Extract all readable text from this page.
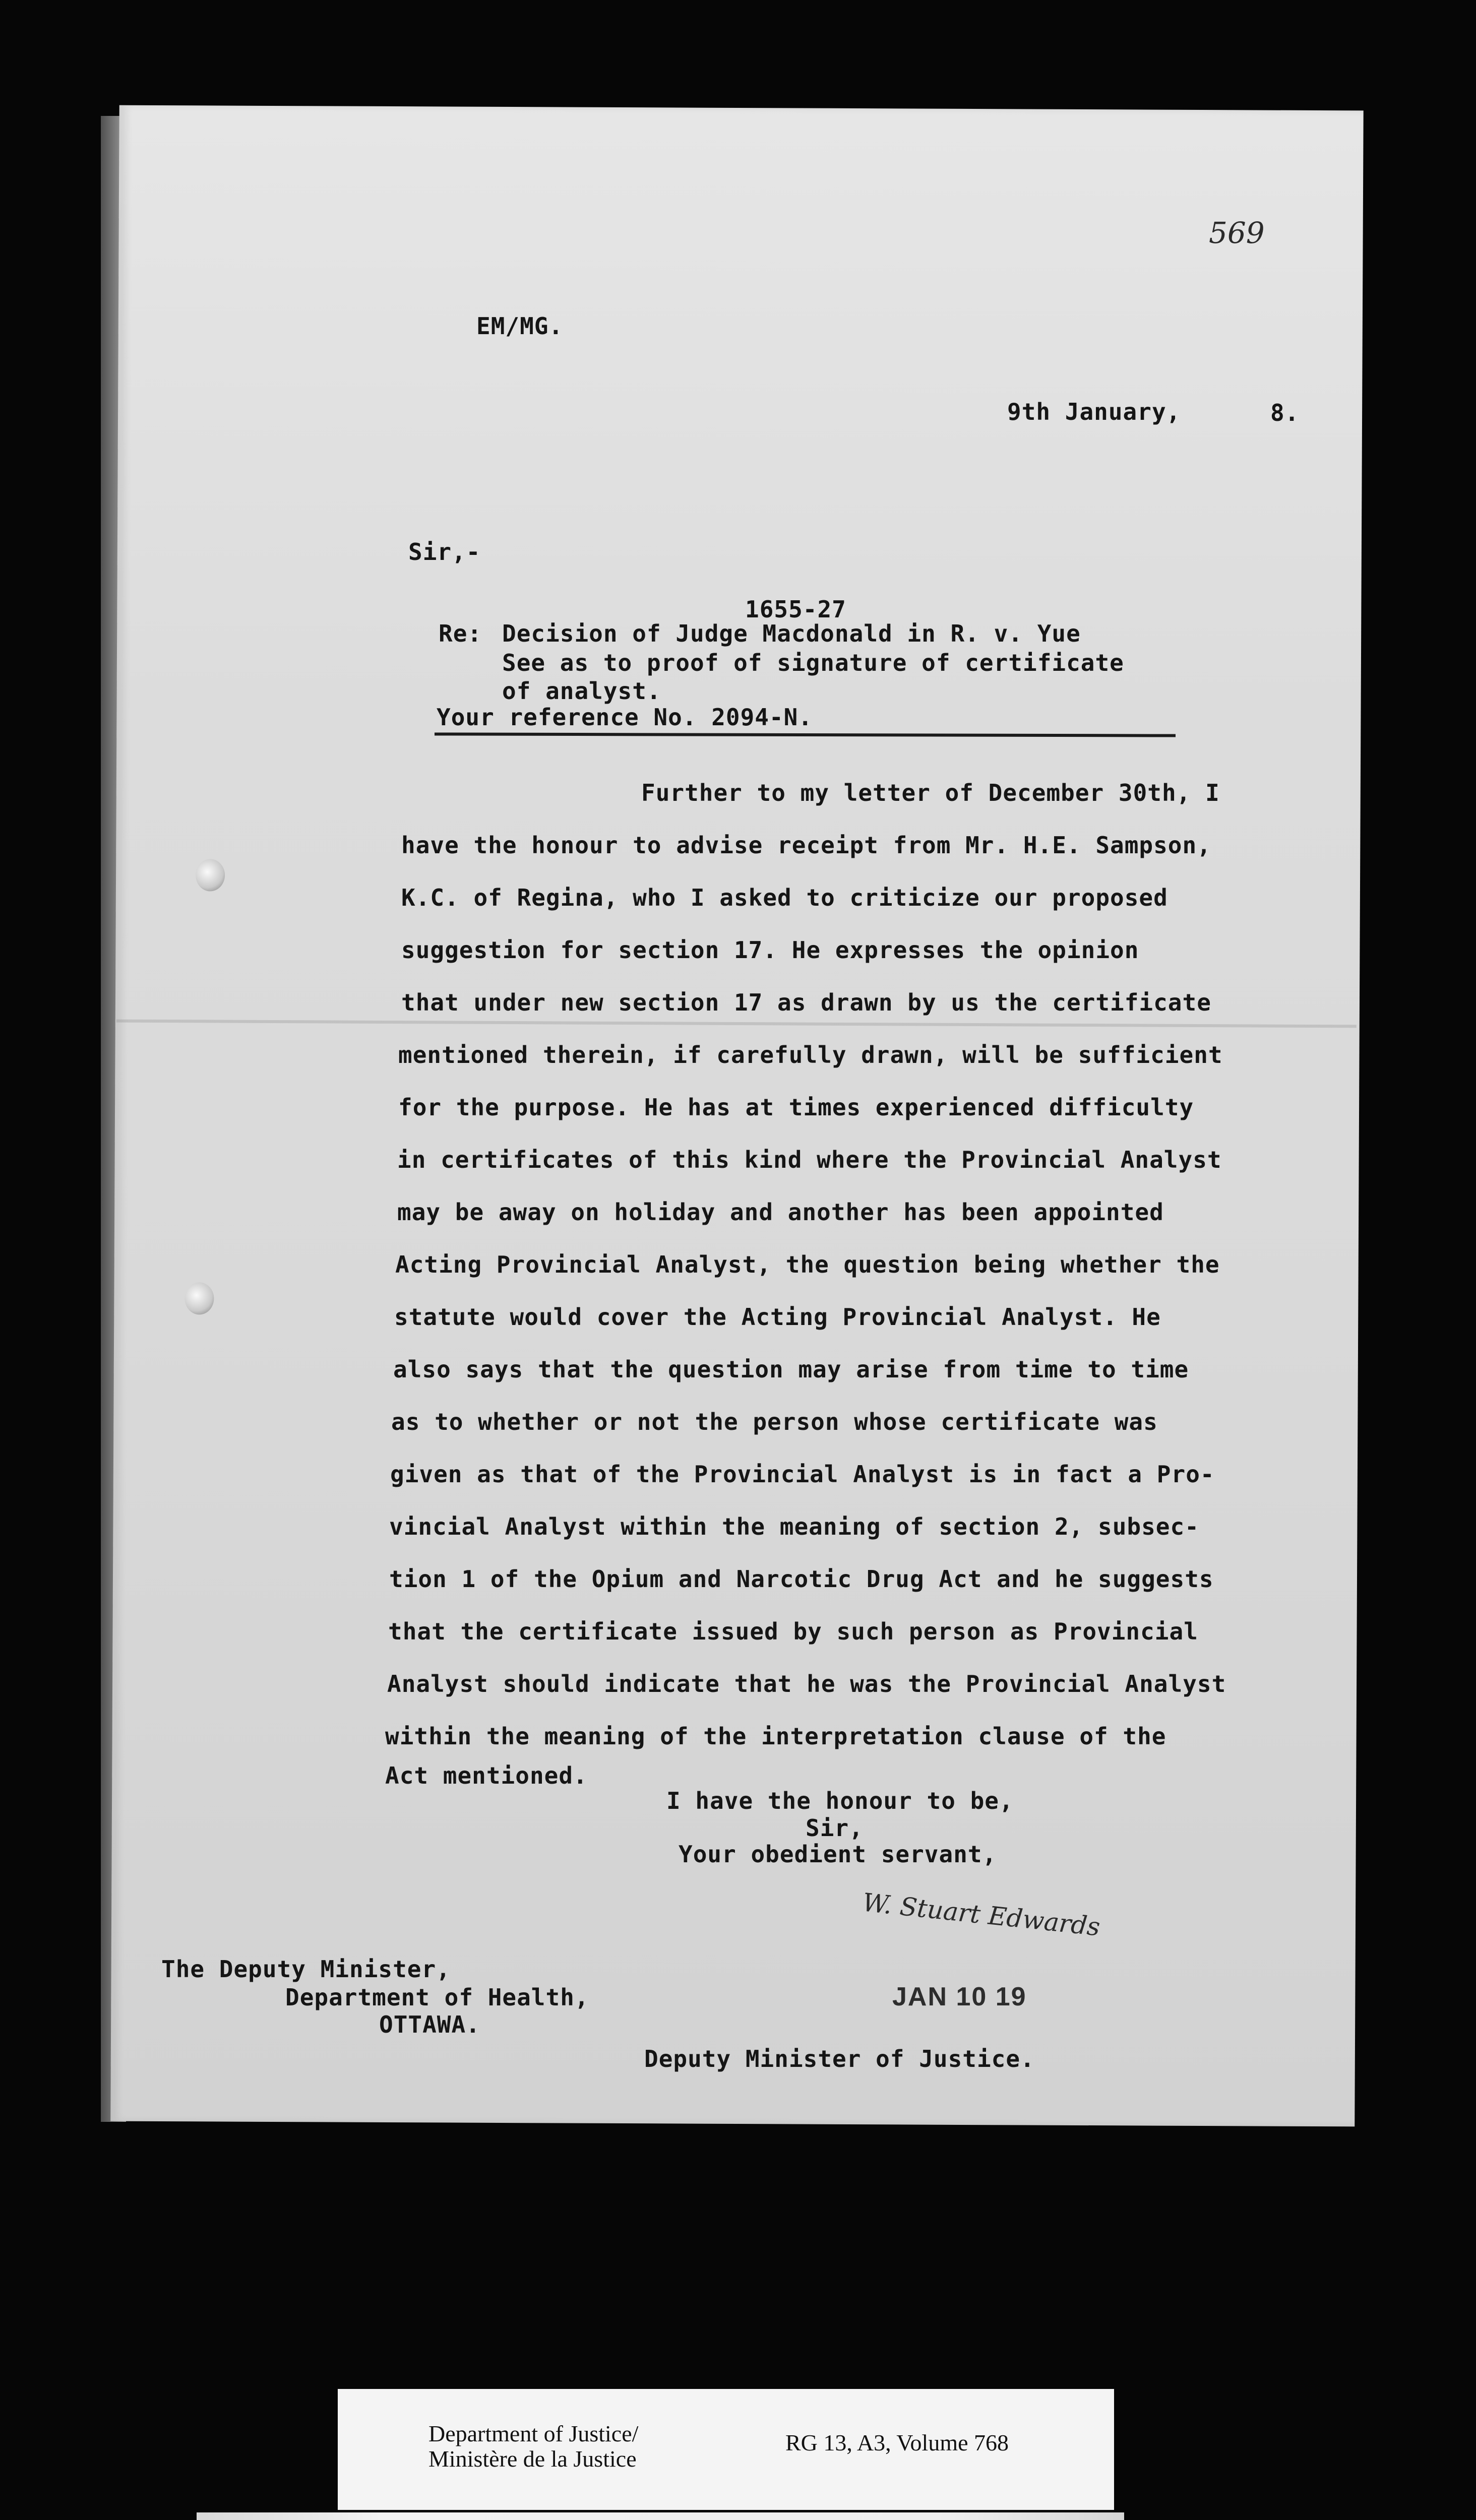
569
EM/MG.
9th January,	8.
Sir,-
1655-27
Re: Decision of Judge Macdonald in R. v. Yue
See as to proof of signature of certificate
of analyst.
Your reference No. 2094-N.
Further to my letter of December 30th, I
have the honour to advise receipt from Mr. H.E. Sampson,
K.C. of Regina, who I asked to criticize our proposed
suggestion for section 17. He expresses the opinion
that under new section 17 as drawn by us the certificate
mentioned therein, if carefully drawn, will be sufficient
for the purpose. He has at times experienced difficulty
in certificates of this kind where the Provincial Analyst
may be away on holiday and another has been appointed
Acting Provincial Analyst, the question being whether the
statute would cover the Acting Provincial Analyst. He
also says that the question may arise from time to time
as to whether or not the person whose certificate was
given as that of the Provincial Analyst is in fact a Pro-
vincial Analyst within the meaning of section 2, subsec-
tion 1 of the Opium and Narcotic Drug Act and he suggests
that the certificate issued by such person as Provincial
Analyst should indicate that he was the Provincial Analyst
within the meaning of the interpretation clause of the
Act mentioned.
I have the honour to be,
Sir,
Your obedient servant,
W. Stuart Edwards
JAN 10 19
Deputy Minister of Justice.
The Deputy Minister,
Department of Health,
OTTAWA.
Department of Justice/
Ministère de la Justice
RG 13, A3, Volume 768
